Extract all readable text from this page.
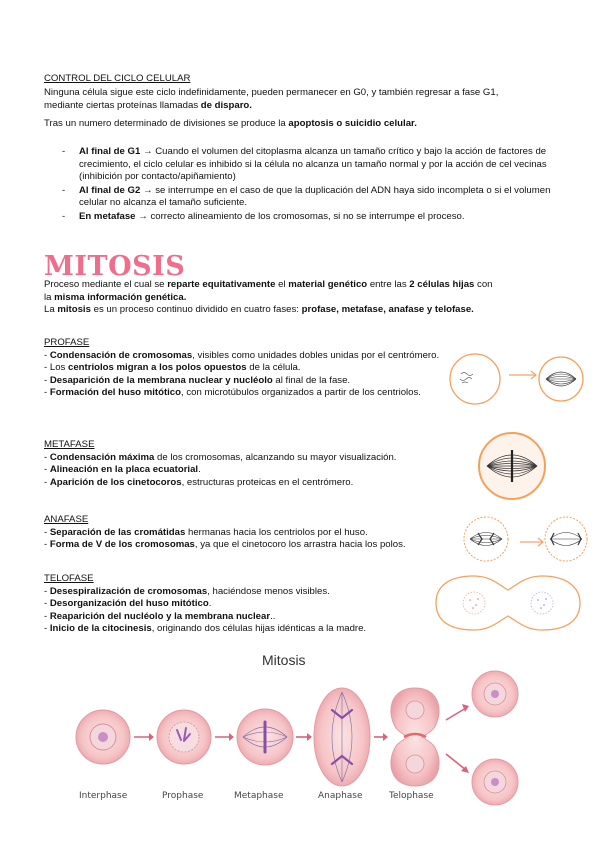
CONTROL DEL CICLO CELULAR
Ninguna célula sigue este ciclo indefinidamente, pueden permanecer en G0, y también regresar a fase G1,
mediante ciertas proteínas llamadas de disparo.
Tras un numero determinado de divisiones se produce la apoptosis o suicidio celular.
- Al final de G1 → Cuando el volumen del citoplasma alcanza un tamaño crítico y bajo la acción de factores de crecimiento, el ciclo celular es inhibido si la célula no alcanza un tamaño normal y por la acción de cel vecinas (inhibición por contacto/apiñamiento)
- Al final de G2 → se interrumpe en el caso de que la duplicación del ADN haya sido incompleta o si el volumen celular no alcanza el tamaño suficiente.
- En metafase → correcto alineamiento de los cromosomas, si no se interrumpe el proceso.
MITOSIS
Proceso mediante el cual se reparte equitativamente el material genético entre las 2 células hijas con
la misma información genética.
La mitosis es un proceso continuo dividido en cuatro fases: profase, metafase, anafase y telofase.
PROFASE
- Condensación de cromosomas, visibles como unidades dobles unidas por el centrómero.
- Los centriolos migran a los polos opuestos de la célula.
- Desaparición de la membrana nuclear y nucléolo al final de la fase.
- Formación del huso mitótico, con microtúbulos organizados a partir de los centriolos.
METAFASE
- Condensación máxima de los cromosomas, alcanzando su mayor visualización.
- Alineación en la placa ecuatorial.
- Aparición de los cinetocoros, estructuras proteicas en el centrómero.
ANAFASE
- Separación de las cromátidas hermanas hacia los centriolos por el huso.
- Forma de V de los cromosomas, ya que el cinetocoro los arrastra hacia los polos.
TELOFASE
- Desespiralización de cromosomas, haciéndose menos visibles.
- Desorganización del huso mitótico.
- Reaparición del nucléolo y la membrana nuclear..
- Inicio de la citocinesis, originando dos células hijas idénticas a la madre.
Mitosis
Interphase	Prophase	Metaphase	Anaphase	Telophase
